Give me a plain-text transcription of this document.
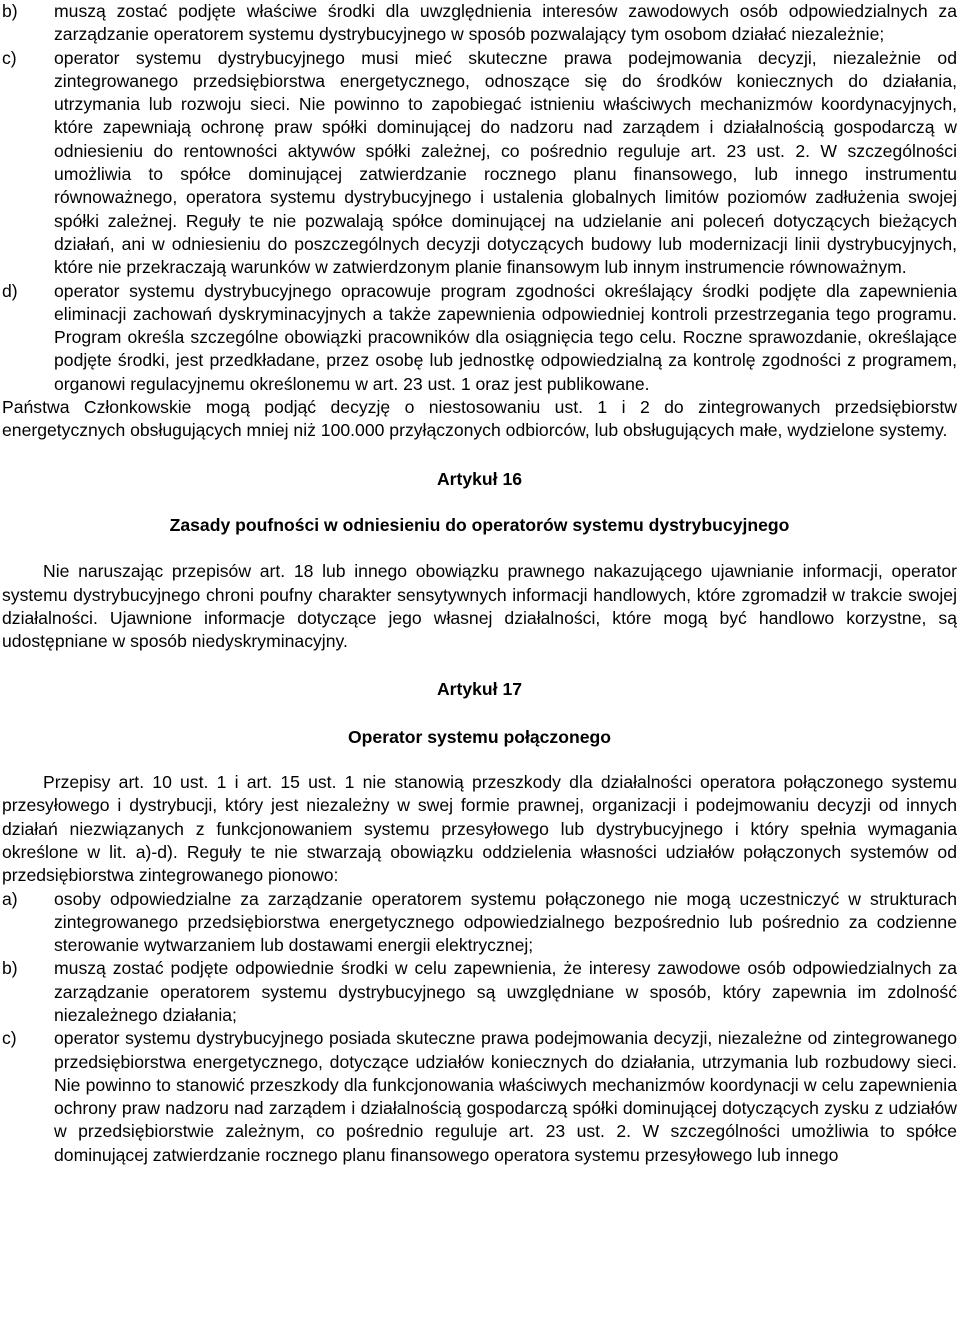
b) muszą zostać podjęte właściwe środki dla uwzględnienia interesów zawodowych osób odpowiedzialnych za zarządzanie operatorem systemu dystrybucyjnego w sposób pozwalający tym osobom działać niezależnie;
c) operator systemu dystrybucyjnego musi mieć skuteczne prawa podejmowania decyzji, niezależnie od zintegrowanego przedsiębiorstwa energetycznego, odnoszące się do środków koniecznych do działania, utrzymania lub rozwoju sieci. Nie powinno to zapobiegać istnieniu właściwych mechanizmów koordynacyjnych, które zapewniają ochronę praw spółki dominującej do nadzoru nad zarządem i działalnością gospodarczą w odniesieniu do rentowności aktywów spółki zależnej, co pośrednio reguluje art. 23 ust. 2. W szczególności umożliwia to spółce dominującej zatwierdzanie rocznego planu finansowego, lub innego instrumentu równoważnego, operatora systemu dystrybucyjnego i ustalenia globalnych limitów poziomów zadłużenia swojej spółki zależnej. Reguły te nie pozwalają spółce dominującej na udzielanie ani poleceń dotyczących bieżących działań, ani w odniesieniu do poszczególnych decyzji dotyczących budowy lub modernizacji linii dystrybucyjnych, które nie przekraczają warunków w zatwierdzonym planie finansowym lub innym instrumencie równoważnym.
d) operator systemu dystrybucyjnego opracowuje program zgodności określający środki podjęte dla zapewnienia eliminacji zachowań dyskryminacyjnych a także zapewnienia odpowiedniej kontroli przestrzegania tego programu. Program określa szczególne obowiązki pracowników dla osiągnięcia tego celu. Roczne sprawozdanie, określające podjęte środki, jest przedkładane, przez osobę lub jednostkę odpowiedzialną za kontrolę zgodności z programem, organowi regulacyjnemu określonemu w art. 23 ust. 1 oraz jest publikowane.

Państwa Członkowskie mogą podjąć decyzję o niestosowaniu ust. 1 i 2 do zintegrowanych przedsiębiorstw energetycznych obsługujących mniej niż 100.000 przyłączonych odbiorców, lub obsługujących małe, wydzielone systemy.

Artykuł 16
Zasady poufności w odniesieniu do operatorów systemu dystrybucyjnego

Nie naruszając przepisów art. 18 lub innego obowiązku prawnego nakazującego ujawnianie informacji, operator systemu dystrybucyjnego chroni poufny charakter sensytywnych informacji handlowych, które zgromadził w trakcie swojej działalności. Ujawnione informacje dotyczące jego własnej działalności, które mogą być handlowo korzystne, są udostępniane w sposób niedyskryminacyjny.

Artykuł 17
Operator systemu połączonego

Przepisy art. 10 ust. 1 i art. 15 ust. 1 nie stanowią przeszkody dla działalności operatora połączonego systemu przesyłowego i dystrybucji, który jest niezależny w swej formie prawnej, organizacji i podejmowaniu decyzji od innych działań niezwiązanych z funkcjonowaniem systemu przesyłowego lub dystrybucyjnego i który spełnia wymagania określone w lit. a)-d). Reguły te nie stwarzają obowiązku oddzielenia własności udziałów połączonych systemów od przedsiębiorstwa zintegrowanego pionowo:

a) osoby odpowiedzialne za zarządzanie operatorem systemu połączonego nie mogą uczestniczyć w strukturach zintegrowanego przedsiębiorstwa energetycznego odpowiedzialnego bezpośrednio lub pośrednio za codzienne sterowanie wytwarzaniem lub dostawami energii elektrycznej;
b) muszą zostać podjęte odpowiednie środki w celu zapewnienia, że interesy zawodowe osób odpowiedzialnych za zarządzanie operatorem systemu dystrybucyjnego są uwzględniane w sposób, który zapewnia im zdolność niezależnego działania;
c) operator systemu dystrybucyjnego posiada skuteczne prawa podejmowania decyzji, niezależne od zintegrowanego przedsiębiorstwa energetycznego, dotyczące udziałów koniecznych do działania, utrzymania lub rozbudowy sieci. Nie powinno to stanowić przeszkody dla funkcjonowania właściwych mechanizmów koordynacji w celu zapewnienia ochrony praw nadzoru nad zarządem i działalnością gospodarczą spółki dominującej dotyczących zysku z udziałów w przedsiębiorstwie zależnym, co pośrednio reguluje art. 23 ust. 2. W szczególności umożliwia to spółce dominującej zatwierdzanie rocznego planu finansowego operatora systemu przesyłowego lub innego
